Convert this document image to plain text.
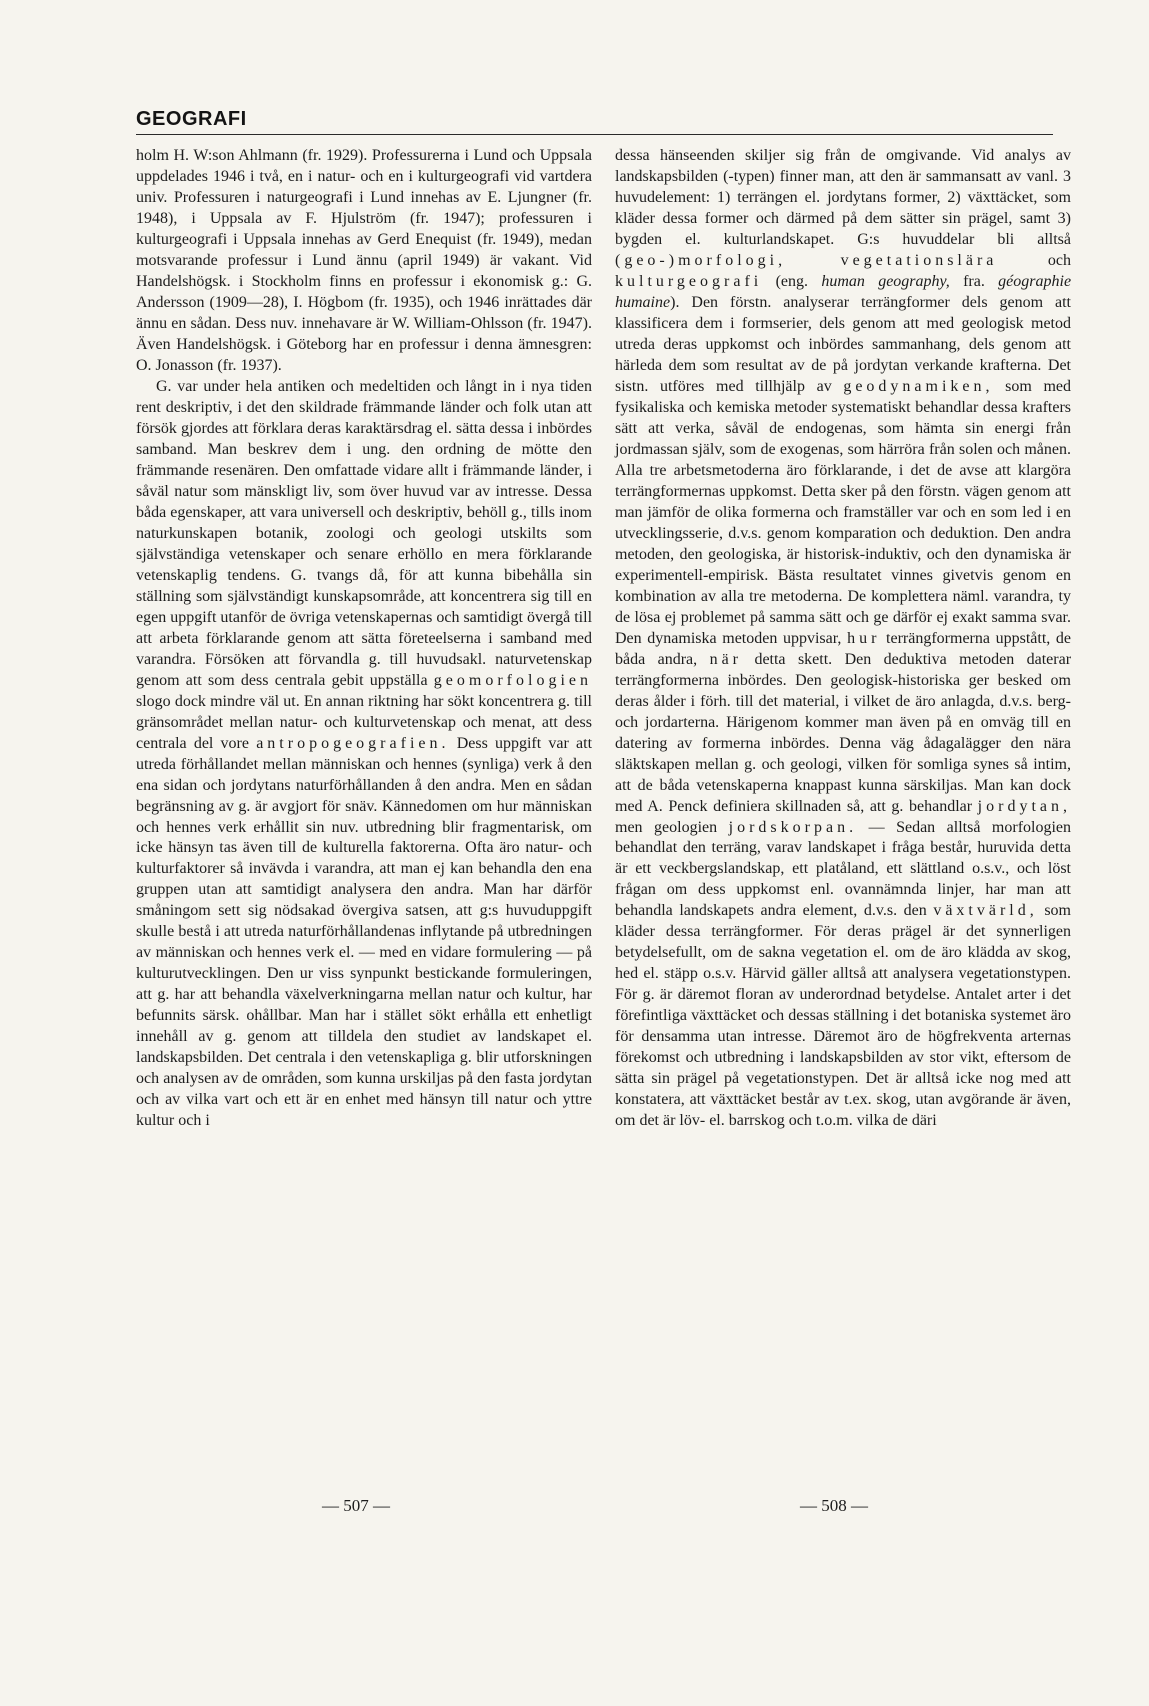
GEOGRAFI

holm H. W:son Ahlmann (fr. 1929). Professurerna i Lund och Uppsala uppdelades 1946 i två, en i natur- och en i kulturgeografi vid vartdera univ. Professuren i naturgeografi i Lund innehas av E. Ljungner (fr. 1948), i Uppsala av F. Hjulström (fr. 1947); professuren i kulturgeografi i Uppsala innehas av Gerd Enequist (fr. 1949), medan motsvarande professur i Lund ännu (april 1949) är vakant. Vid Handelshögsk. i Stockholm finns en professur i ekonomisk g.: G. Andersson (1909—28), I. Högbom (fr. 1935), och 1946 inrättades där ännu en sådan. Dess nuv. innehavare är W. William-Ohlsson (fr. 1947). Även Handelshögsk. i Göteborg har en professur i denna ämnesgren: O. Jonasson (fr. 1937).

G. var under hela antiken och medeltiden och långt in i nya tiden rent deskriptiv, i det den skildrade främmande länder och folk utan att försök gjordes att förklara deras karaktärsdrag el. sätta dessa i inbördes samband. Man beskrev dem i ung. den ordning de mötte den främmande resenären. Den omfattade vidare allt i främmande länder, i såväl natur som mänskligt liv, som över huvud var av intresse. Dessa båda egenskaper, att vara universell och deskriptiv, behöll g., tills inom naturkunskapen botanik, zoologi och geologi utskilts som självständiga vetenskaper och senare erhöllo en mera förklarande vetenskaplig tendens. G. tvangs då, för att kunna bibehålla sin ställning som självständigt kunskapsområde, att koncentrera sig till en egen uppgift utanför de övriga vetenskapernas och samtidigt övergå till att arbeta förklarande genom att sätta företeelserna i samband med varandra. Försöken att förvandla g. till huvudsakl. naturvetenskap genom att som dess centrala gebit uppställa geomorfologien slogo dock mindre väl ut. En annan riktning har sökt koncentrera g. till gränsområdet mellan natur- och kulturvetenskap och menat, att dess centrala del vore antropogeografien. Dess uppgift var att utreda förhållandet mellan människan och hennes (synliga) verk å den ena sidan och jordytans naturförhållanden å den andra. Men en sådan begränsning av g. är avgjort för snäv. Kännedomen om hur människan och hennes verk erhållit sin nuv. utbredning blir fragmentarisk, om icke hänsyn tas även till de kulturella faktorerna. Ofta äro natur- och kulturfaktorer så invävda i varandra, att man ej kan behandla den ena gruppen utan att samtidigt analysera den andra. Man har därför småningom sett sig nödsakad övergiva satsen, att g:s huvuduppgift skulle bestå i att utreda naturförhållandenas inflytande på utbredningen av människan och hennes verk el. — med en vidare formulering — på kulturutvecklingen. Den ur viss synpunkt bestickande formuleringen, att g. har att behandla växelverkningarna mellan natur och kultur, har befunnits särsk. ohållbar. Man har i stället sökt erhålla ett enhetligt innehåll av g. genom att tilldela den studiet av landskapet el. landskapsbilden. Det centrala i den vetenskapliga g. blir utforskningen och analysen av de områden, som kunna urskiljas på den fasta jordytan och av vilka vart och ett är en enhet med hänsyn till natur och yttre kultur och i

dessa hänseenden skiljer sig från de omgivande. Vid analys av landskapsbilden (-typen) finner man, att den är sammansatt av vanl. 3 huvudelement: 1) terrängen el. jordytans former, 2) växttäcket, som kläder dessa former och därmed på dem sätter sin prägel, samt 3) bygden el. kulturlandskapet. G:s huvuddelar bli alltså (geo-)morfologi, vegetationslära	och kulturgeografi (eng. human geography, fra. géographie humaine). Den förstn. analyserar terrängformer dels genom att klassificera dem i formserier, dels genom att med geologisk metod utreda deras uppkomst och inbördes sammanhang, dels genom att härleda dem som resultat av de på jordytan verkande krafterna. Det sistn. utföres med tillhjälp av geodynamiken, som med fysikaliska och kemiska metoder systematiskt behandlar dessa krafters sätt att verka, såväl de endogenas, som hämta sin energi från jordmassan själv, som de exogenas, som härröra från solen och månen. Alla tre arbetsmetoderna äro förklarande, i det de avse att klargöra terrängformernas uppkomst. Detta sker på den förstn. vägen genom att man jämför de olika formerna och framställer var och en som led i en utvecklingsserie, d.v.s. genom komparation och deduktion. Den andra metoden, den geologiska, är historisk-induktiv, och den dynamiska är experimentell-empirisk. Bästa resultatet vinnes givetvis genom en kombination av alla tre metoderna. De komplettera näml. varandra, ty de lösa ej problemet på samma sätt och ge därför ej exakt samma svar. Den dynamiska metoden uppvisar, hur terrängformerna uppstått, de båda andra, när detta skett. Den deduktiva metoden daterar terrängformerna inbördes. Den geologisk-historiska ger besked om deras ålder i förh. till det material, i vilket de äro anlagda, d.v.s. berg- och jordarterna. Härigenom kommer man även på en omväg till en datering av formerna inbördes. Denna väg ådagalägger den nära släktskapen mellan g. och geologi, vilken för somliga synes så intim, att de båda vetenskaperna knappast kunna särskiljas. Man kan dock med A. Penck definiera skillnaden så, att g. behandlar jordytan, men geologien jordskorpan. — Sedan alltså morfologien behandlat den terräng, varav landskapet i fråga består, huruvida detta är ett veckbergslandskap, ett platåland, ett slättland o.s.v., och löst frågan om dess uppkomst enl. ovannämnda linjer, har man att behandla landskapets andra element, d.v.s. den växtvärld, som kläder dessa terrängformer. För deras prägel är det synnerligen betydelsefullt, om de sakna vegetation el. om de äro klädda av skog, hed el. stäpp o.s.v. Härvid gäller alltså att analysera vegetationstypen. För g. är däremot floran av underordnad betydelse. Antalet arter i det förefintliga växttäcket och dessas ställning i det botaniska systemet äro för densamma utan intresse. Däremot äro de högfrekventa arternas förekomst och utbredning i landskapsbilden av stor vikt, eftersom de sätta sin prägel på vegetationstypen. Det är alltså icke nog med att konstatera, att växttäcket består av t.ex. skog, utan avgörande är även, om det är löv- el. barrskog och t.o.m. vilka de däri

— 507 —	— 508 —
